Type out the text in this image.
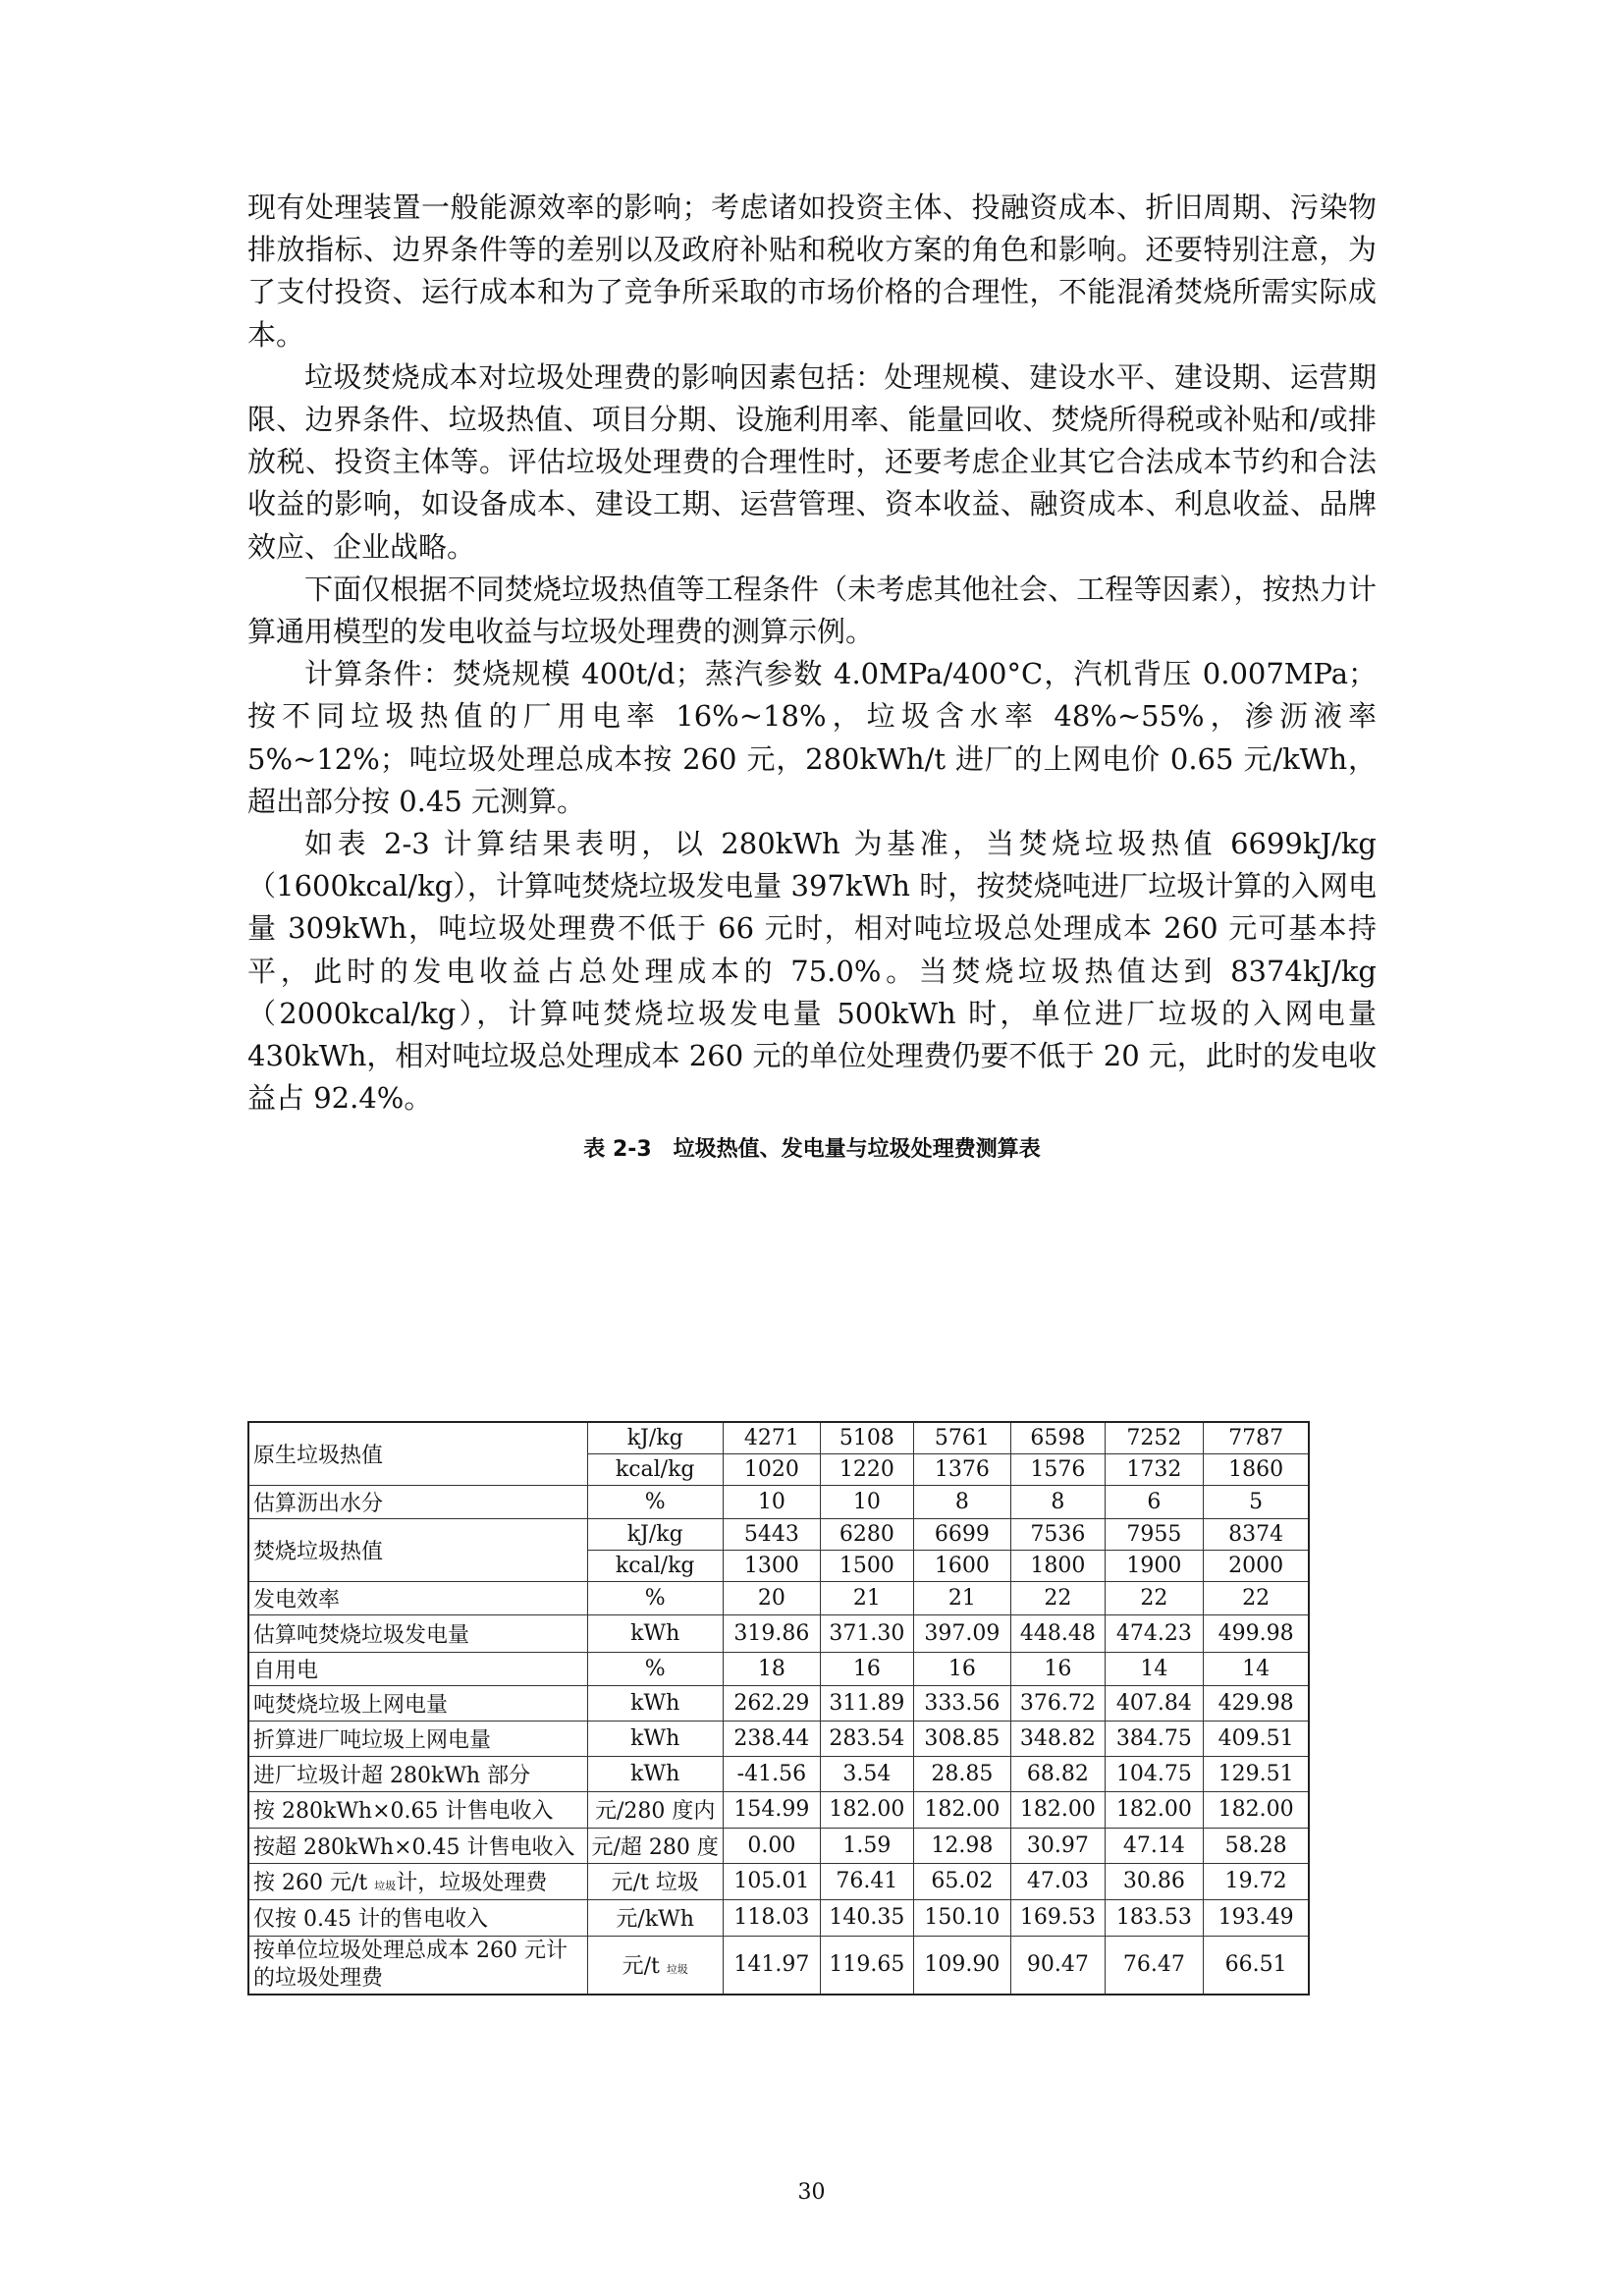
现有处理装置一般能源效率的影响；考虑诸如投资主体、投融资成本、折旧周期、污染物排放指标、边界条件等的差别以及政府补贴和税收方案的角色和影响。还要特别注意，为了支付投资、运行成本和为了竞争所采取的市场价格的合理性，不能混淆焚烧所需实际成本。

垃圾焚烧成本对垃圾处理费的影响因素包括：处理规模、建设水平、建设期、运营期限、边界条件、垃圾热值、项目分期、设施利用率、能量回收、焚烧所得税或补贴和/或排放税、投资主体等。评估垃圾处理费的合理性时，还要考虑企业其它合法成本节约和合法收益的影响，如设备成本、建设工期、运营管理、资本收益、融资成本、利息收益、品牌效应、企业战略。

下面仅根据不同焚烧垃圾热值等工程条件（未考虑其他社会、工程等因素），按热力计算通用模型的发电收益与垃圾处理费的测算示例。

计算条件：焚烧规模 400t/d；蒸汽参数 4.0MPa/400°C，汽机背压 0.007MPa；按不同垃圾热值的厂用电率 16%~18%，垃圾含水率 48%~55%，渗沥液率 5%~12%；吨垃圾处理总成本按 260 元，280kWh/t 进厂的上网电价 0.65 元/kWh，超出部分按 0.45 元测算。

如表 2-3 计算结果表明，以 280kWh 为基准，当焚烧垃圾热值 6699kJ/kg（1600kcal/kg），计算吨焚烧垃圾发电量 397kWh 时，按焚烧吨进厂垃圾计算的入网电量 309kWh，吨垃圾处理费不低于 66 元时，相对吨垃圾总处理成本 260 元可基本持平，此时的发电收益占总处理成本的 75.0%。当焚烧垃圾热值达到 8374kJ/kg（2000kcal/kg），计算吨焚烧垃圾发电量 500kWh 时，单位进厂垃圾的入网电量 430kWh，相对吨垃圾总处理成本 260 元的单位处理费仍要不低于 20 元，此时的发电收益占 92.4%。

表 2-3　垃圾热值、发电量与垃圾处理费测算表
原生垃圾热值	kJ/kg	4271	5108	5761	6598	7252	7787
	kcal/kg	1020	1220	1376	1576	1732	1860
估算沥出水分	%	10	10	8	8	6	5
焚烧垃圾热值	kJ/kg	5443	6280	6699	7536	7955	8374
	kcal/kg	1300	1500	1600	1800	1900	2000
发电效率	%	20	21	21	22	22	22
估算吨焚烧垃圾发电量	kWh	319.86	371.30	397.09	448.48	474.23	499.98
自用电	%	18	16	16	16	14	14
吨焚烧垃圾上网电量	kWh	262.29	311.89	333.56	376.72	407.84	429.98
折算进厂吨垃圾上网电量	kWh	238.44	283.54	308.85	348.82	384.75	409.51
进厂垃圾计超 280kWh 部分	kWh	-41.56	3.54	28.85	68.82	104.75	129.51
按 280kWh×0.65 计售电收入	元/280 度内	154.99	182.00	182.00	182.00	182.00	182.00
按超 280kWh×0.45 计售电收入	元/超 280 度	0.00	1.59	12.98	30.97	47.14	58.28
按 260 元/t 垃圾计，垃圾处理费	元/t 垃圾	105.01	76.41	65.02	47.03	30.86	19.72
仅按 0.45 计的售电收入	元/kWh	118.03	140.35	150.10	169.53	183.53	193.49
按单位垃圾处理总成本 260 元计的垃圾处理费	元/t 垃圾	141.97	119.65	109.90	90.47	76.47	66.51
30
